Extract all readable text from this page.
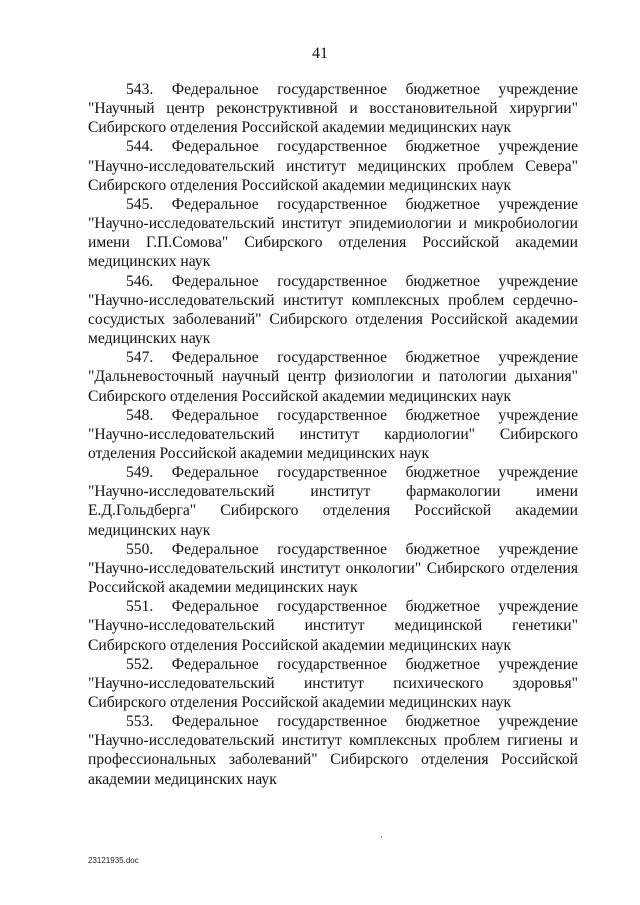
41

543. Федеральное государственное бюджетное учреждение "Научный центр реконструктивной и восстановительной хирургии" Сибирского отделения Российской академии медицинских наук

544. Федеральное государственное бюджетное учреждение "Научно-исследовательский институт медицинских проблем Севера" Сибирского отделения Российской академии медицинских наук

545. Федеральное государственное бюджетное учреждение "Научно-исследовательский институт эпидемиологии и микробиологии имени Г.П.Сомова" Сибирского отделения Российской академии медицинских наук

546. Федеральное государственное бюджетное учреждение "Научно-исследовательский институт комплексных проблем сердечно-сосудистых заболеваний" Сибирского отделения Российской академии медицинских наук

547. Федеральное государственное бюджетное учреждение "Дальневосточный научный центр физиологии и патологии дыхания" Сибирского отделения Российской академии медицинских наук

548. Федеральное государственное бюджетное учреждение "Научно-исследовательский институт кардиологии" Сибирского отделения Российской академии медицинских наук

549. Федеральное государственное бюджетное учреждение "Научно-исследовательский институт фармакологии имени Е.Д.Гольдберга" Сибирского отделения Российской академии медицинских наук

550. Федеральное государственное бюджетное учреждение "Научно-исследовательский институт онкологии" Сибирского отделения Российской академии медицинских наук

551. Федеральное государственное бюджетное учреждение "Научно-исследовательский институт медицинской генетики" Сибирского отделения Российской академии медицинских наук

552. Федеральное государственное бюджетное учреждение "Научно-исследовательский институт психического здоровья" Сибирского отделения Российской академии медицинских наук

553. Федеральное государственное бюджетное учреждение "Научно-исследовательский институт комплексных проблем гигиены и профессиональных заболеваний" Сибирского отделения Российской академии медицинских наук

23121935.doc
